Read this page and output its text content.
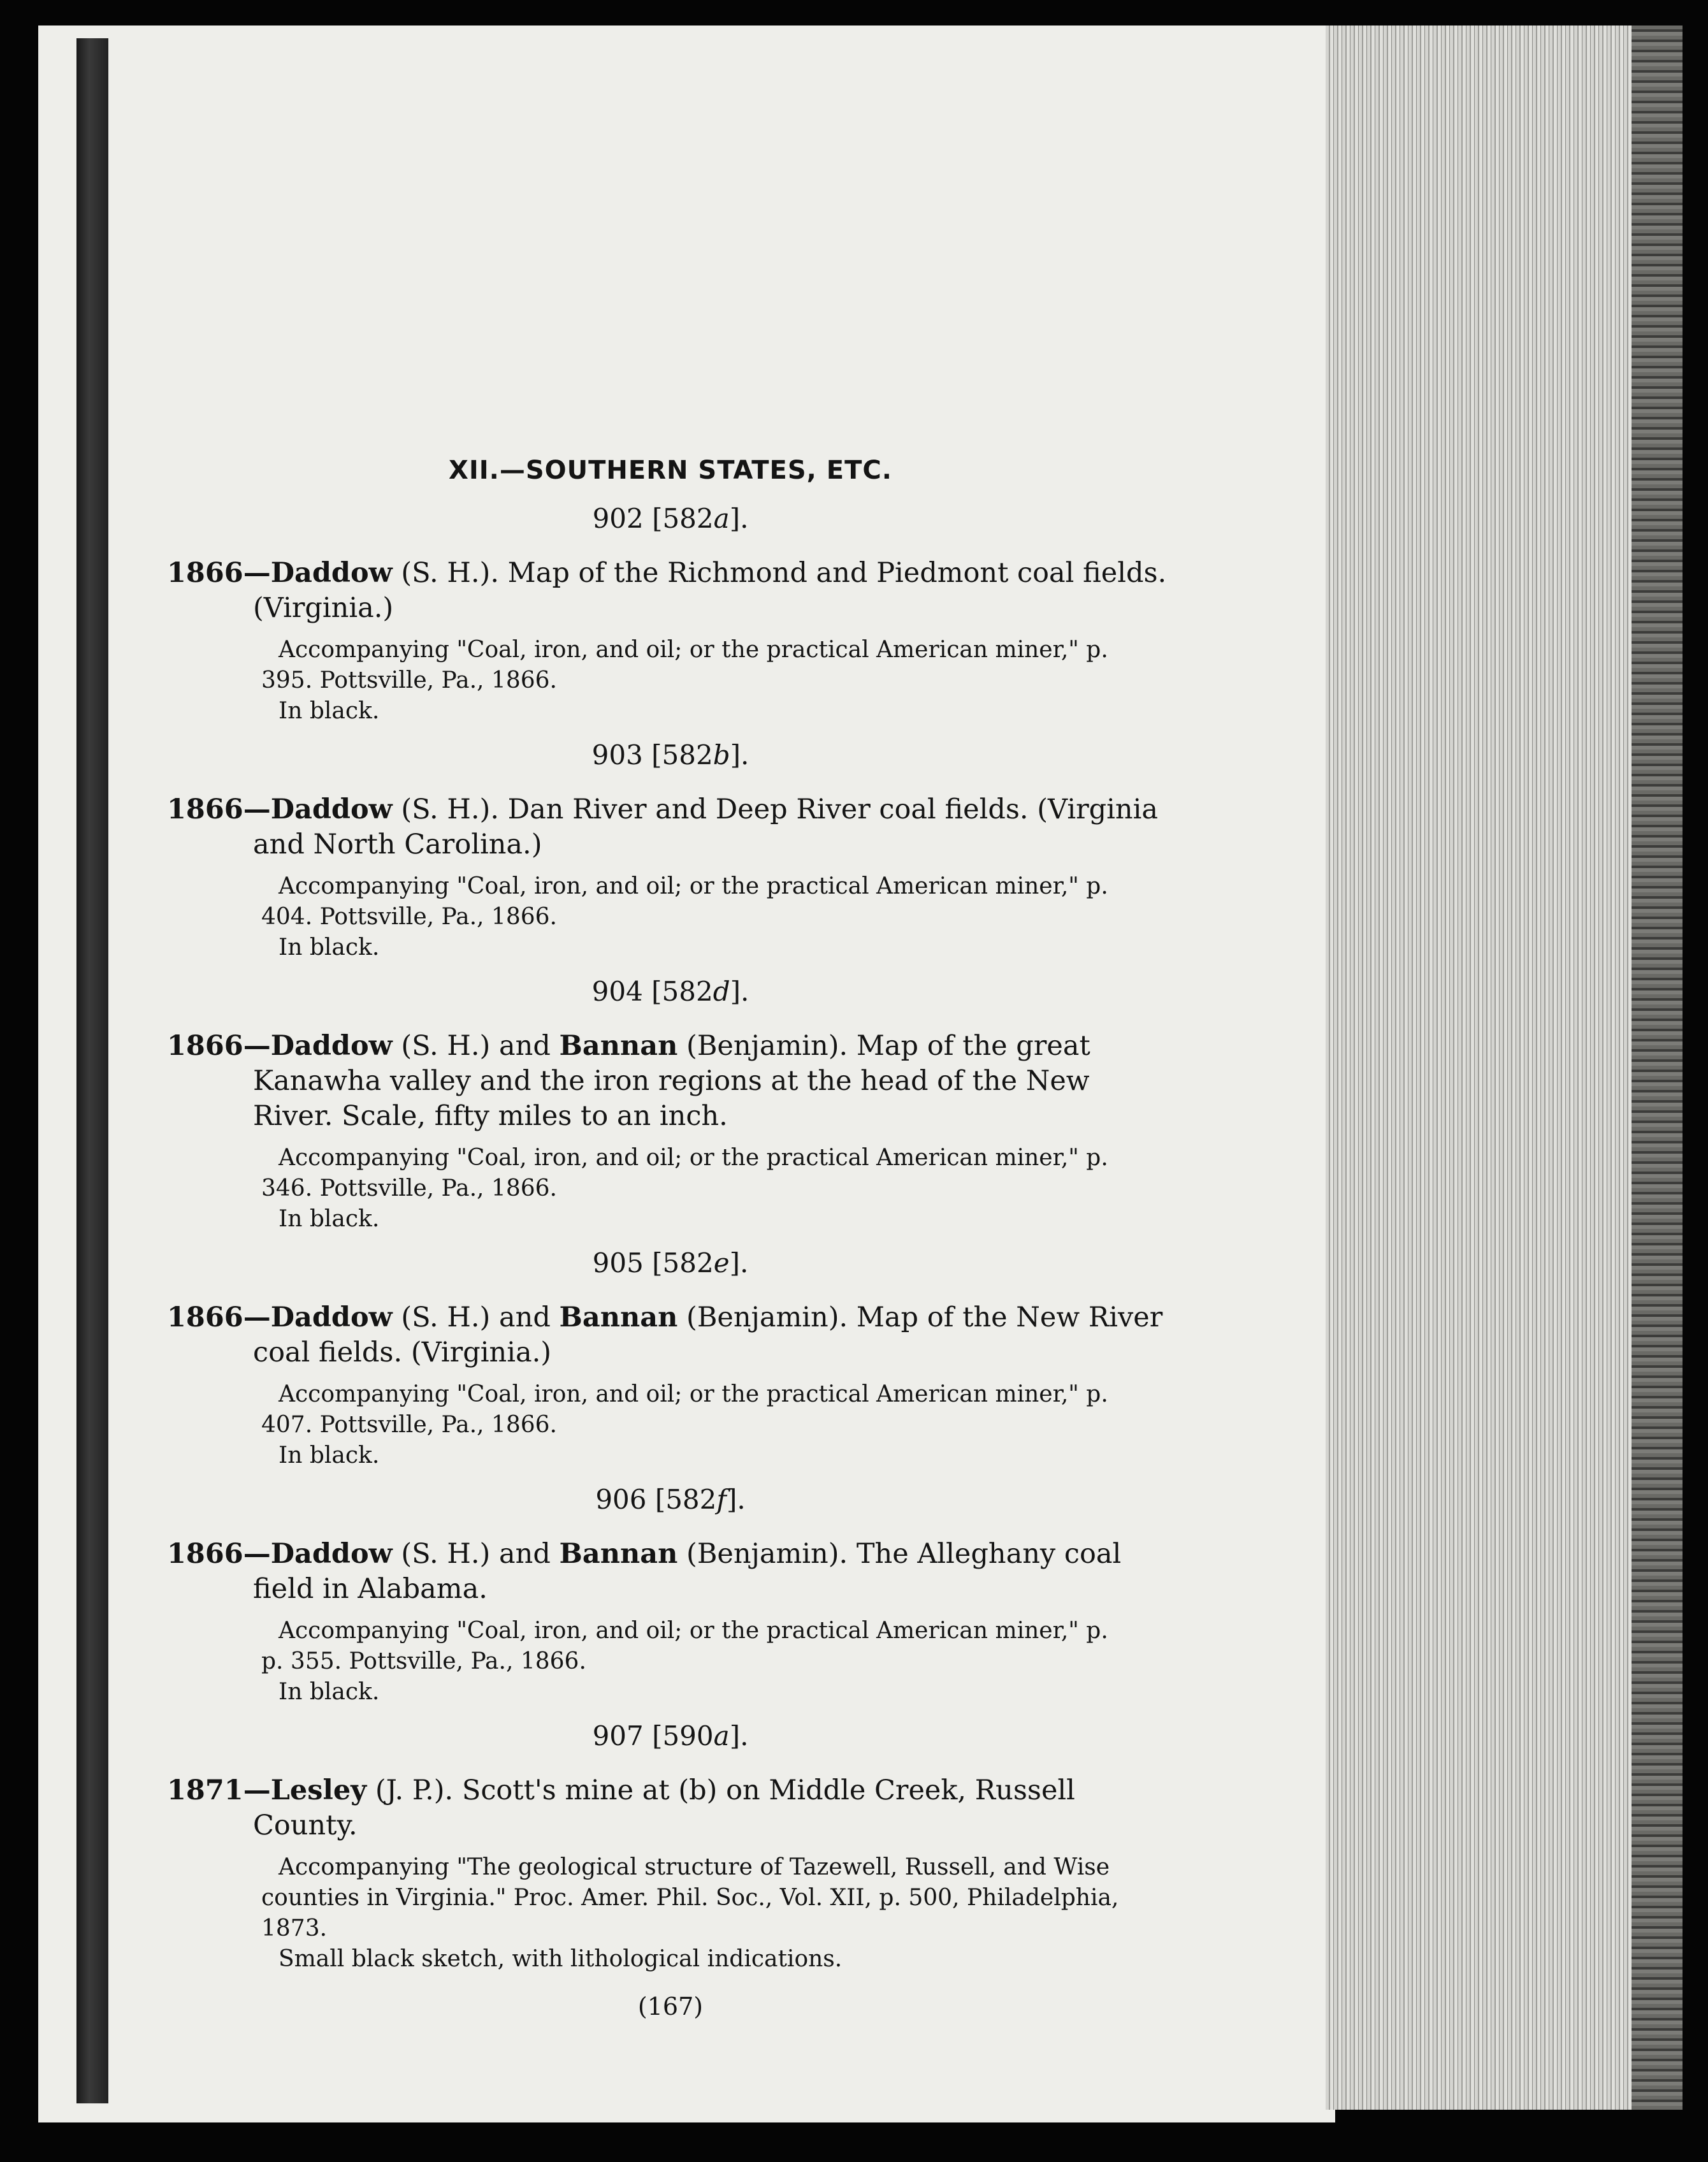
XII.—SOUTHERN STATES, ETC.
902 [582a].

1866—Daddow (S. H.). Map of the Richmond and Piedmont coal fields. (Virginia.)

Accompanying "Coal, iron, and oil; or the practical American miner," p.
395. Pottsville, Pa., 1866.
In black.

903 [582b].

1866—Daddow (S. H.). Dan River and Deep River coal fields. (Virginia and North Carolina.)

Accompanying "Coal, iron, and oil; or the practical American miner," p.
404. Pottsville, Pa., 1866.
In black.

904 [582d].

1866—Daddow (S. H.) and Bannan (Benjamin). Map of the great Kanawha valley and the iron regions at the head of the New River. Scale, fifty miles to an inch.

Accompanying "Coal, iron, and oil; or the practical American miner," p.
346. Pottsville, Pa., 1866.
In black.

905 [582e].

1866—Daddow (S. H.) and Bannan (Benjamin). Map of the New River coal fields. (Virginia.)

Accompanying "Coal, iron, and oil; or the practical American miner," p.
407. Pottsville, Pa., 1866.
In black.

906 [582f].

1866—Daddow (S. H.) and Bannan (Benjamin). The Alleghany coal field in Alabama.

Accompanying "Coal, iron, and oil; or the practical American miner," p.
p. 355. Pottsville, Pa., 1866.
In black.

907 [590a].

1871—Lesley (J. P.). Scott's mine at (b) on Middle Creek, Russell County.

Accompanying "The geological structure of Tazewell, Russell, and Wise
counties in Virginia." Proc. Amer. Phil. Soc., Vol. XII, p. 500, Philadelphia, 1873.
Small black sketch, with lithological indications.

(167)
